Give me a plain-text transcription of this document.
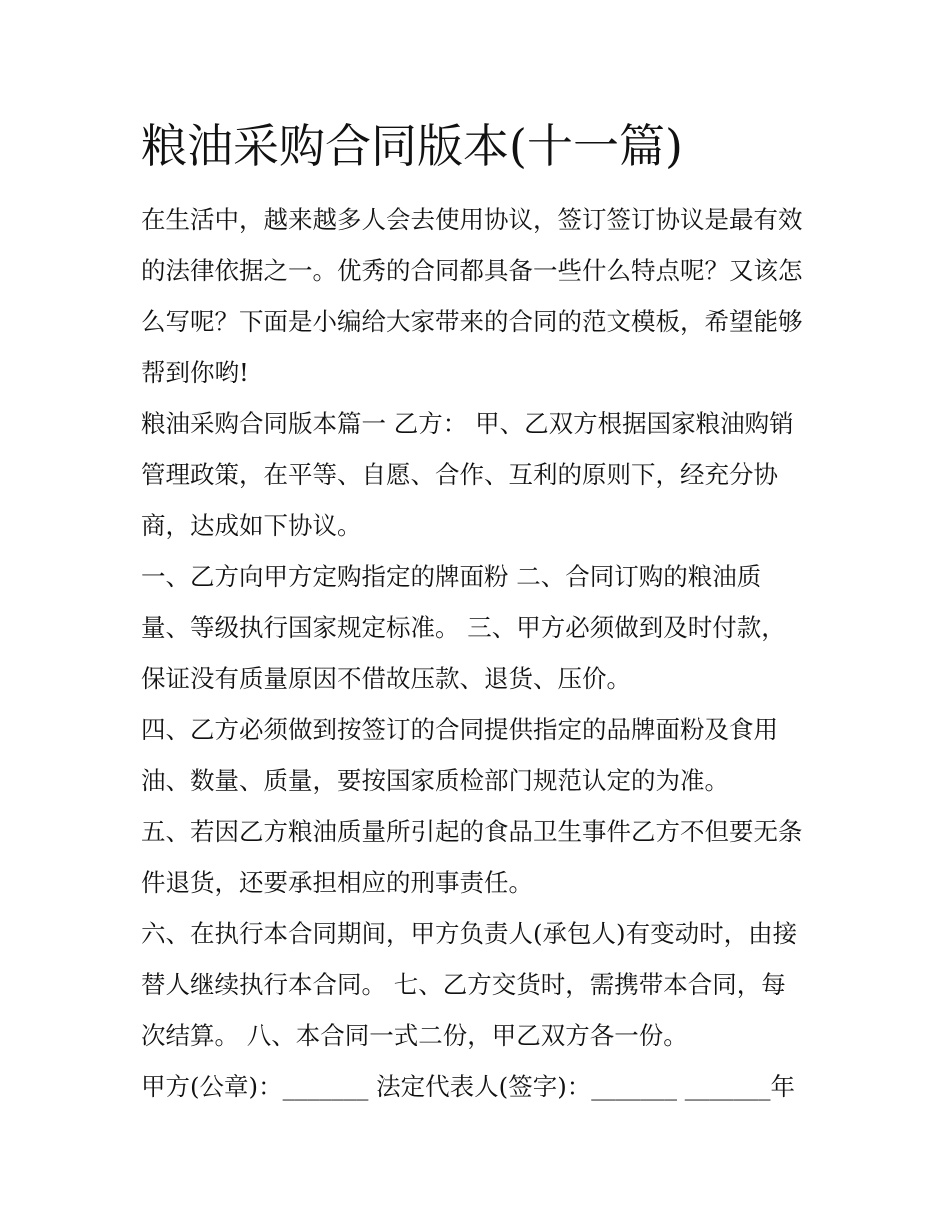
粮油采购合同版本(十一篇)
在生活中，越来越多人会去使用协议，签订签订协议是最有效
的法律依据之一。优秀的合同都具备一些什么特点呢？又该怎
么写呢？下面是小编给大家带来的合同的范文模板，希望能够
帮到你哟!
粮油采购合同版本篇一 乙方： 甲、乙双方根据国家粮油购销
管理政策，在平等、自愿、合作、互利的原则下，经充分协
商，达成如下协议。
一、乙方向甲方定购指定的牌面粉 二、合同订购的粮油质
量、等级执行国家规定标准。 三、甲方必须做到及时付款，
保证没有质量原因不借故压款、退货、压价。
四、乙方必须做到按签订的合同提供指定的品牌面粉及食用
油、数量、质量，要按国家质检部门规范认定的为准。
五、若因乙方粮油质量所引起的食品卫生事件乙方不但要无条
件退货，还要承担相应的刑事责任。
六、在执行本合同期间，甲方负责人(承包人)有变动时，由接
替人继续执行本合同。 七、乙方交货时，需携带本合同，每
次结算。 八、本合同一式二份，甲乙双方各一份。
甲方(公章)：_______ 法定代表人(签字)：_______ _______年
